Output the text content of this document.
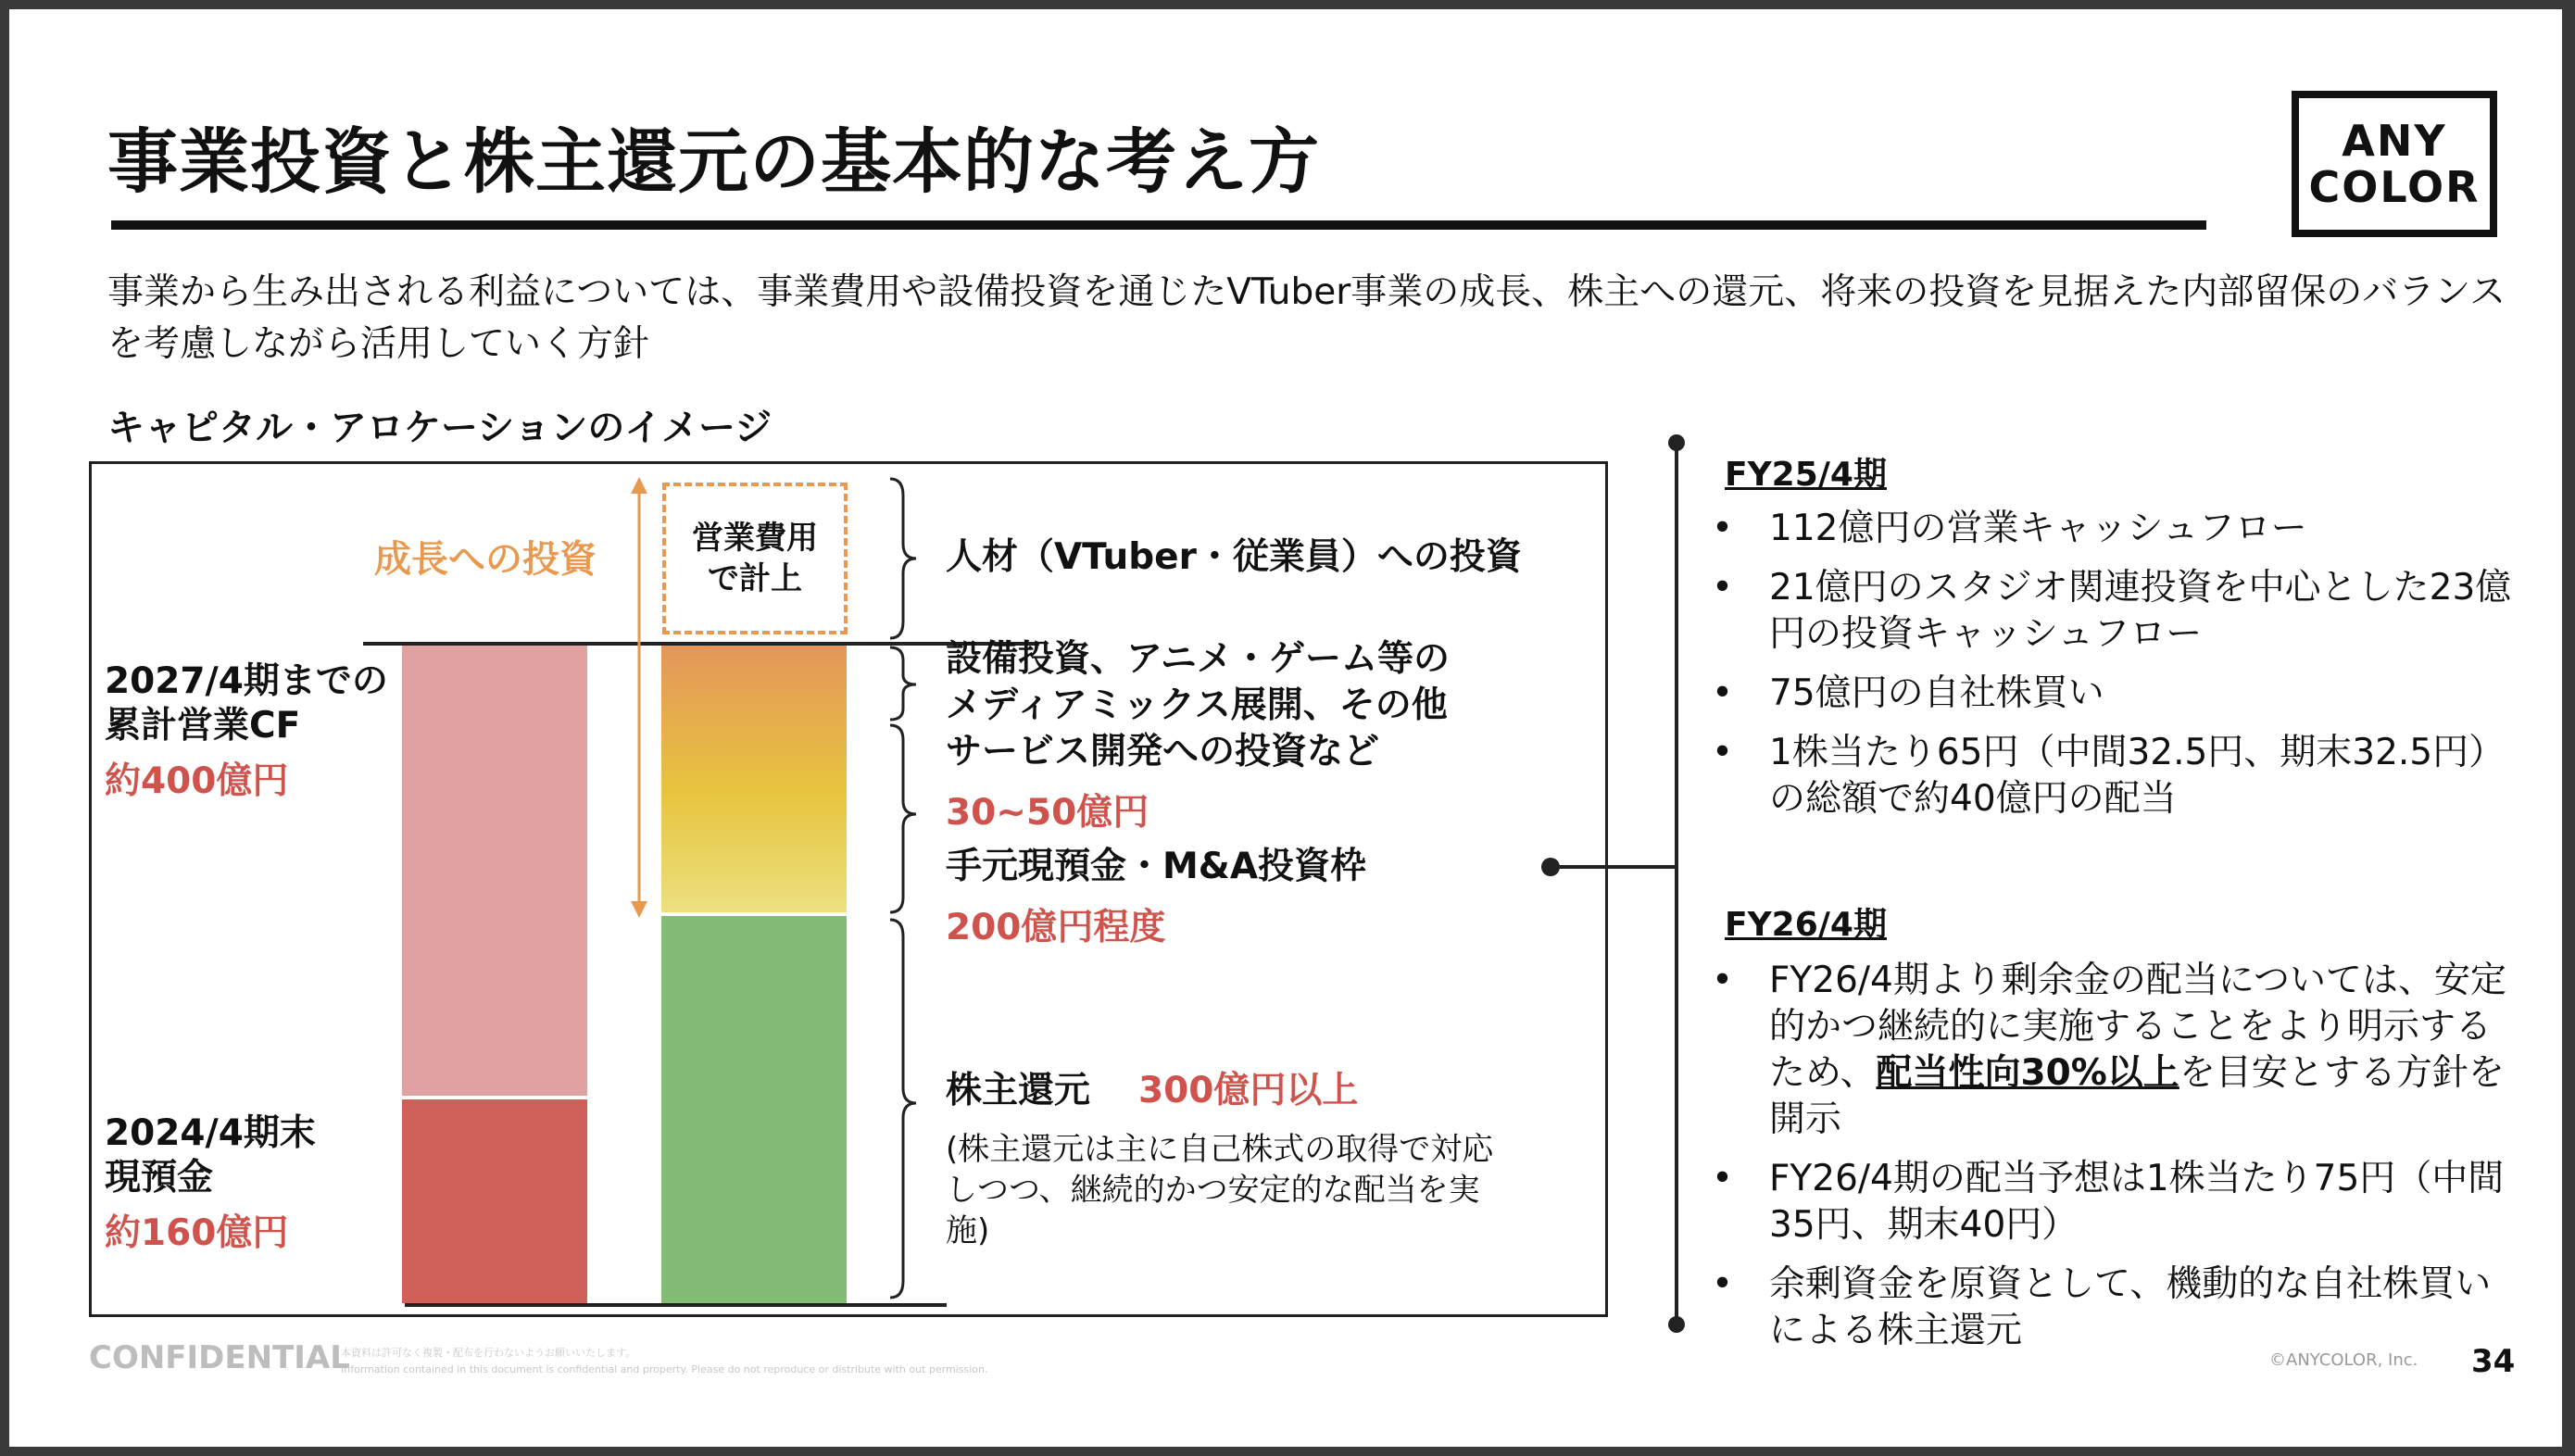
事業投資と株主還元の基本的な考え方	ANY
COLOR
事業から生み出される利益については、事業費用や設備投資を通じたVTuber事業の成長、株主への還元、将来の投資を見据えた内部留保のバランスを考慮しながら活用していく方針
キャピタル・アロケーションのイメージ
営業費用
で計上
成長への投資
2027/4期までの
累計営業CF
約400億円
2024/4期末
現預金
約160億円
人材（VTuber・従業員）への投資
設備投資、アニメ・ゲーム等の
メディアミックス展開、その他
サービス開発への投資など
30~50億円
手元現預金・M&A投資枠
200億円程度
株主還元 300億円以上
(株主還元は主に自己株式の取得で対応
しつつ、継続的かつ安定的な配当を実
施)
FY25/4期
• 112億円の営業キャッシュフロー
• 21億円のスタジオ関連投資を中心とした23億円の投資キャッシュフロー
• 75億円の自社株買い
• 1株当たり65円（中間32.5円、期末32.5円）の総額で約40億円の配当
FY26/4期
• FY26/4期より剰余金の配当については、安定的かつ継続的に実施することをより明示するため、配当性向30%以上を目安とする方針を開示
• FY26/4期の配当予想は1株当たり75円（中間35円、期末40円）
• 余剰資金を原資として、機動的な自社株買いによる株主還元
CONFIDENTIAL
本資料は許可なく複製・配布を行わないようお願いいたします。
Information contained in this document is confidential and property. Please do not reproduce or distribute with out permission.	©ANYCOLOR, Inc. 34
